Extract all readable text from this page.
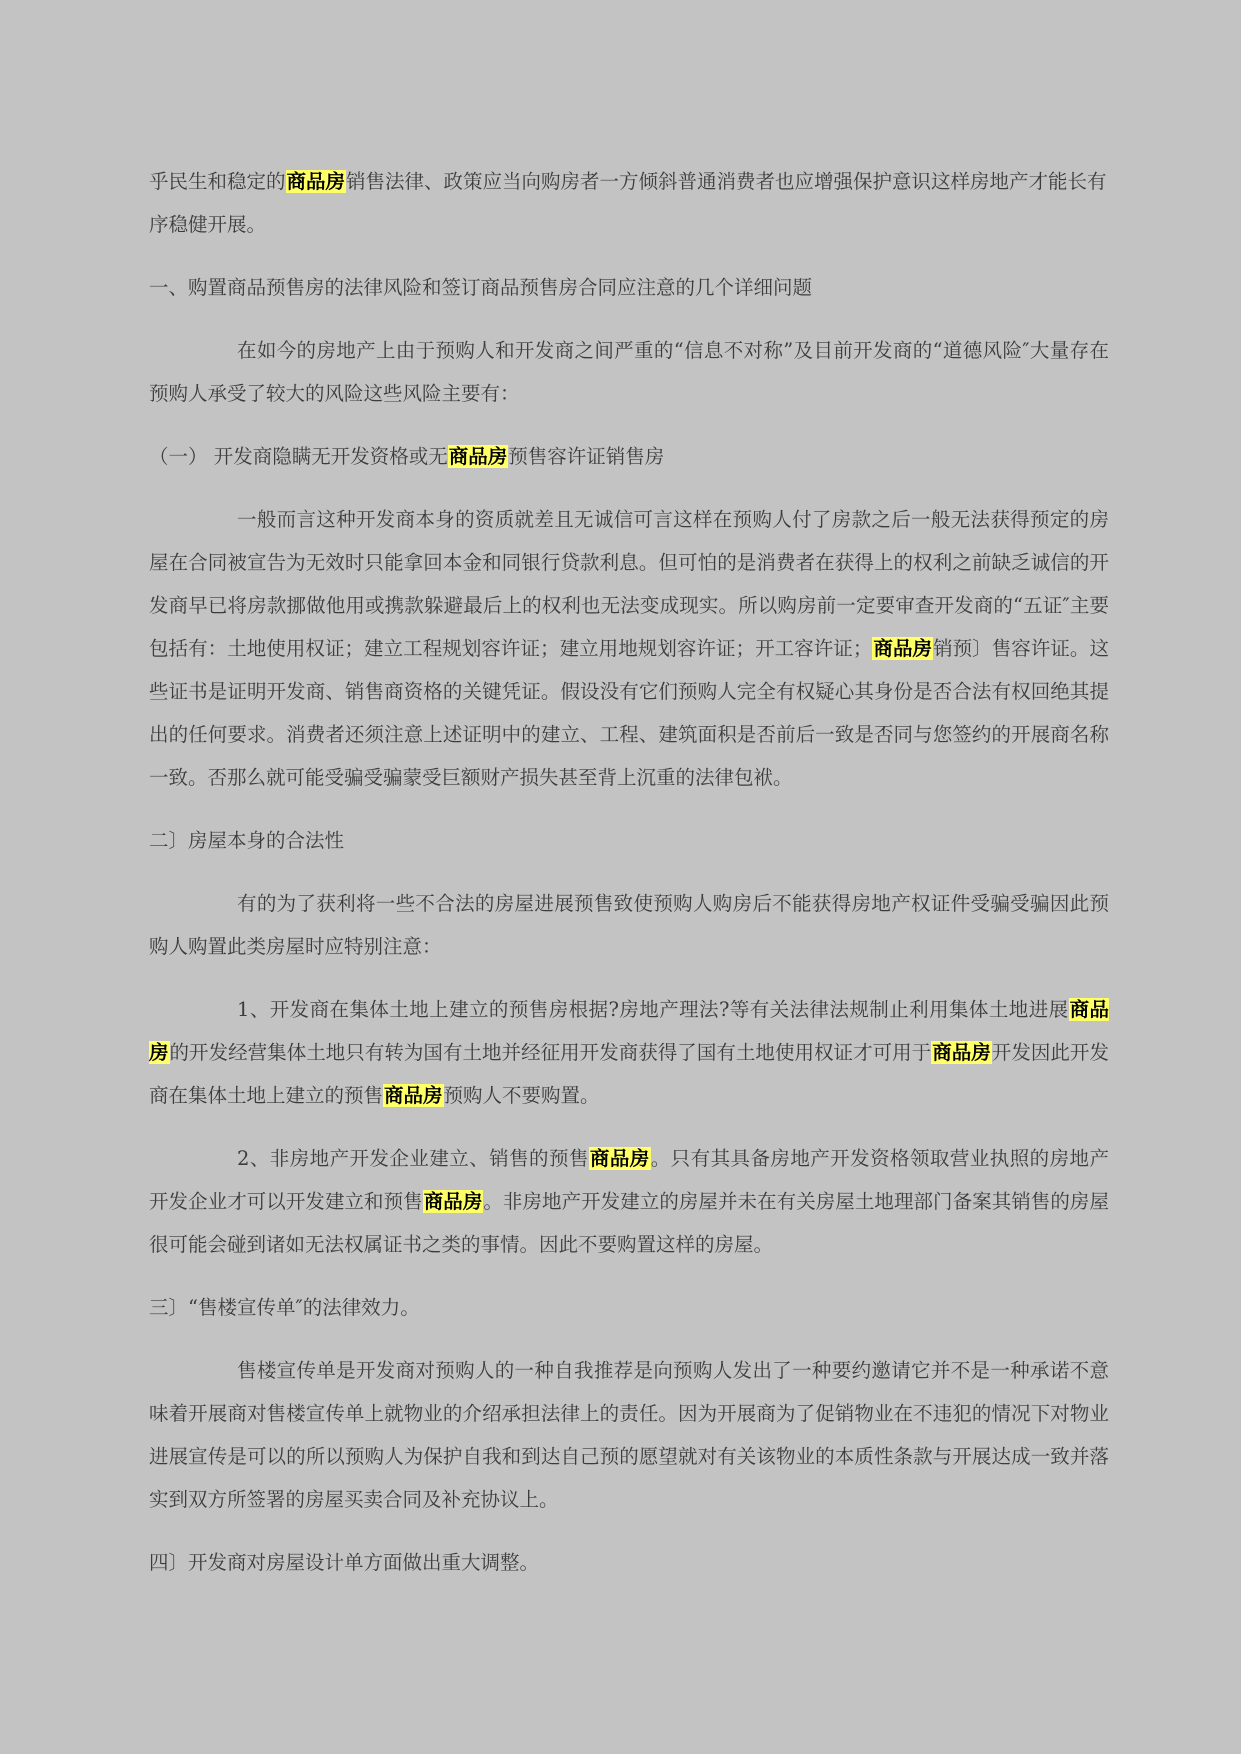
乎民生和稳定的商品房销售法律、政策应当向购房者一方倾斜普通消费者也应增强保护意识这样房地产才能长有序稳健开展。

一、购置商品预售房的法律风险和签订商品预售房合同应注意的几个详细问题

在如今的房地产上由于预购人和开发商之间严重的“信息不对称”及目前开发商的“道德风险″大量存在预购人承受了较大的风险这些风险主要有：

（一） 开发商隐瞒无开发资格或无商品房预售容许证销售房

一般而言这种开发商本身的资质就差且无诚信可言这样在预购人付了房款之后一般无法获得预定的房屋在合同被宣告为无效时只能拿回本金和同银行贷款利息。但可怕的是消费者在获得上的权利之前缺乏诚信的开发商早已将房款挪做他用或携款躲避最后上的权利也无法变成现实。所以购房前一定要审查开发商的“五证″主要包括有：土地使用权证；建立工程规划容许证；建立用地规划容许证；开工容许证；商品房销预〕售容许证。这些证书是证明开发商、销售商资格的关键凭证。假设没有它们预购人完全有权疑心其身份是否合法有权回绝其提出的任何要求。消费者还须注意上述证明中的建立、工程、建筑面积是否前后一致是否同与您签约的开展商名称一致。否那么就可能受骗受骗蒙受巨额财产损失甚至背上沉重的法律包袱。

二〕房屋本身的合法性

有的为了获利将一些不合法的房屋进展预售致使预购人购房后不能获得房地产权证件受骗受骗因此预购人购置此类房屋时应特别注意：

1、开发商在集体土地上建立的预售房根据?房地产理法?等有关法律法规制止利用集体土地进展商品房的开发经营集体土地只有转为国有土地并经征用开发商获得了国有土地使用权证才可用于商品房开发因此开发商在集体土地上建立的预售商品房预购人不要购置。

2、非房地产开发企业建立、销售的预售商品房。只有其具备房地产开发资格领取营业执照的房地产开发企业才可以开发建立和预售商品房。非房地产开发建立的房屋并未在有关房屋土地理部门备案其销售的房屋很可能会碰到诸如无法权属证书之类的事情。因此不要购置这样的房屋。

三〕“售楼宣传单″的法律效力。

售楼宣传单是开发商对预购人的一种自我推荐是向预购人发出了一种要约邀请它并不是一种承诺不意味着开展商对售楼宣传单上就物业的介绍承担法律上的责任。因为开展商为了促销物业在不违犯的情况下对物业进展宣传是可以的所以预购人为保护自我和到达自己预的愿望就对有关该物业的本质性条款与开展达成一致并落实到双方所签署的房屋买卖合同及补充协议上。

四〕开发商对房屋设计单方面做出重大调整。
